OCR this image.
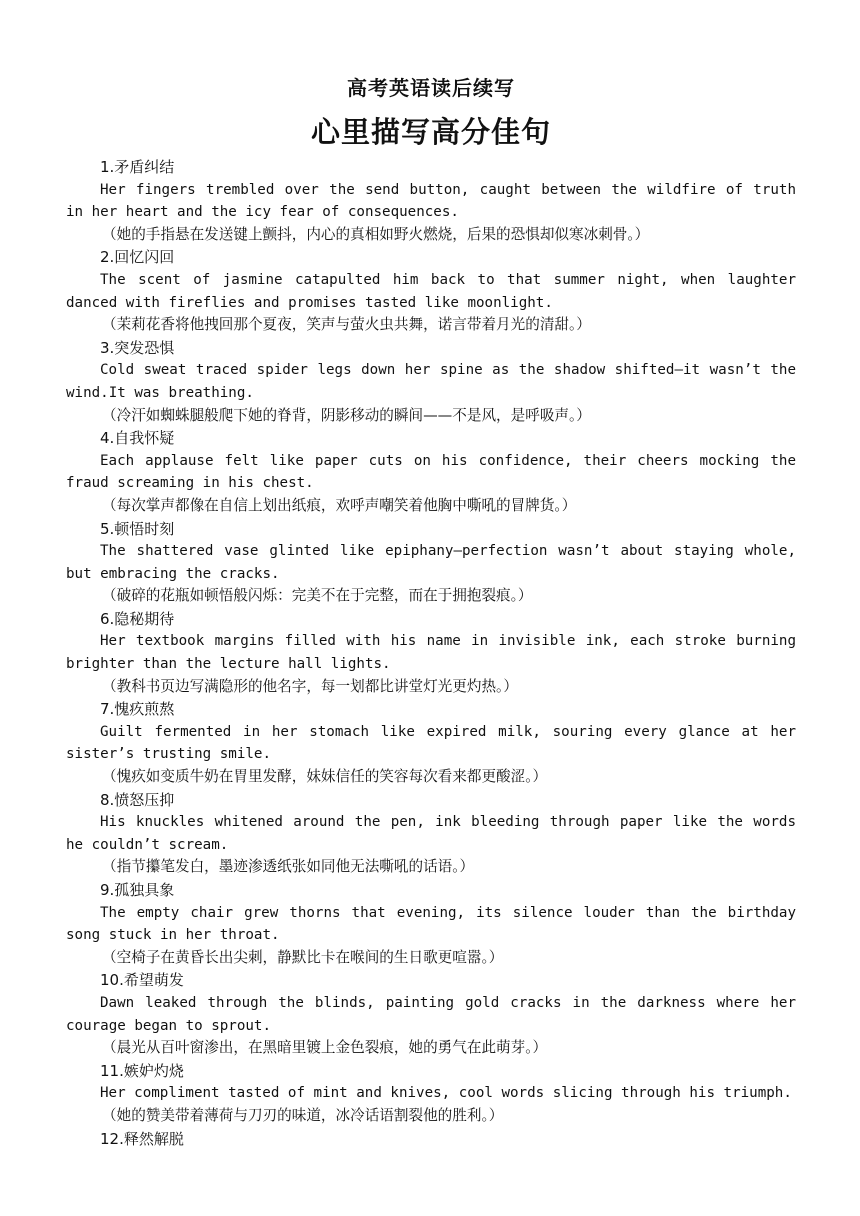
高考英语读后续写
心里描写高分佳句
1.矛盾纠结

Her fingers trembled over the send button, caught between the wildfire of truth in her heart and the icy fear of consequences.

（她的手指悬在发送键上颤抖，内心的真相如野火燃烧，后果的恐惧却似寒冰刺骨。）
2.回忆闪回

The scent of jasmine catapulted him back to that summer night, when laughter danced with fireflies and promises tasted like moonlight.

（茉莉花香将他拽回那个夏夜，笑声与萤火虫共舞，诺言带着月光的清甜。）
3.突发恐惧

Cold sweat traced spider legs down her spine as the shadow shifted—it wasn’t the wind.It was breathing.

（冷汗如蜘蛛腿般爬下她的脊背，阴影移动的瞬间——不是风，是呼吸声。）
4.自我怀疑

Each applause felt like paper cuts on his confidence, their cheers mocking the fraud screaming in his chest.

（每次掌声都像在自信上划出纸痕，欢呼声嘲笑着他胸中嘶吼的冒牌货。）
5.顿悟时刻

The shattered vase glinted like epiphany—perfection wasn’t about staying whole, but embracing the cracks.

（破碎的花瓶如顿悟般闪烁：完美不在于完整，而在于拥抱裂痕。）
6.隐秘期待

Her textbook margins filled with his name in invisible ink, each stroke burning brighter than the lecture hall lights.

（教科书页边写满隐形的他名字，每一划都比讲堂灯光更灼热。）
7.愧疚煎熬

Guilt fermented in her stomach like expired milk, souring every glance at her sister’s trusting smile.

（愧疚如变质牛奶在胃里发酵，妹妹信任的笑容每次看来都更酸涩。）
8.愤怒压抑

His knuckles whitened around the pen, ink bleeding through paper like the words he couldn’t scream.

（指节攥笔发白，墨迹渗透纸张如同他无法嘶吼的话语。）
9.孤独具象

The empty chair grew thorns that evening, its silence louder than the birthday song stuck in her throat.

（空椅子在黄昏长出尖刺，静默比卡在喉间的生日歌更喧嚣。）
10.希望萌发

Dawn leaked through the blinds, painting gold cracks in the darkness where her courage began to sprout.

（晨光从百叶窗渗出，在黑暗里镀上金色裂痕，她的勇气在此萌芽。）
11.嫉妒灼烧

Her compliment tasted of mint and knives, cool words slicing through his triumph.

（她的赞美带着薄荷与刀刃的味道，冰冷话语割裂他的胜利。）
12.释然解脱
